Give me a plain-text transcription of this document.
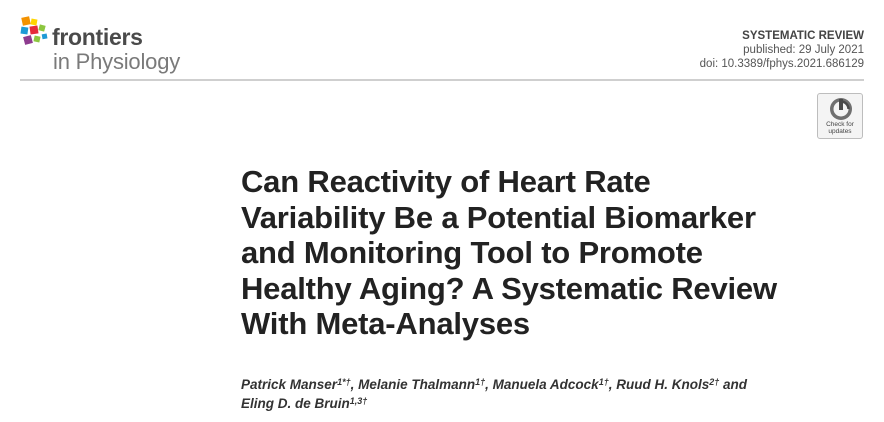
frontiers
in Physiology
SYSTEMATIC REVIEW
published: 29 July 2021
doi: 10.3389/fphys.2021.686129
Check for
updates
Can Reactivity of Heart Rate
Variability Be a Potential Biomarker
and Monitoring Tool to Promote
Healthy Aging? A Systematic Review
With Meta-Analyses
Patrick Manser$^{1*\dagger}$, Melanie Thalmann$^{1\dagger}$, Manuela Adcock$^{1\dagger}$, Ruud H. Knols$^{2\dagger}$ and
Eling D. de Bruin$^{1,3\dagger}$
